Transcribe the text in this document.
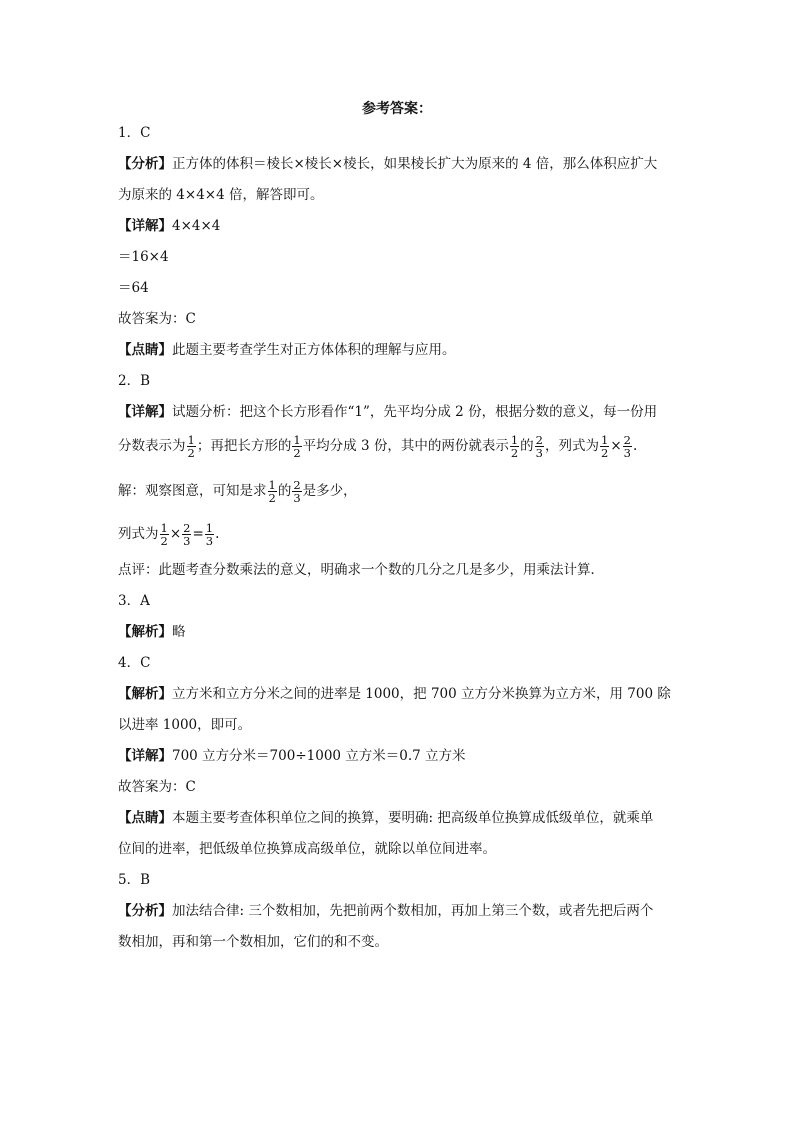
参考答案：
1．C
【分析】正方体的体积＝棱长×棱长×棱长，如果棱长扩大为原来的 4 倍，那么体积应扩大
为原来的 4×4×4 倍，解答即可。
【详解】4×4×4
＝16×4
＝64
故答案为：C
【点睛】此题主要考查学生对正方体体积的理解与应用。
2．B
【详解】试题分析：把这个长方形看作“1”，先平均分成 2 份，根据分数的意义，每一份用
分数表示为 $\frac{1}{2}$ ；再把长方形的 $\frac{1}{2}$ 平均分成 3 份，其中的两份就表示 $\frac{1}{2}$ 的 $\frac{2}{3}$ ，列式为 $\frac{1}{2} \times \frac{2}{3}$ .
解：观察图意，可知是求 $\frac{1}{2}$ 的 $\frac{2}{3}$ 是多少，
列式为 $\frac{1}{2} \times \frac{2}{3} = \frac{1}{3}$ .
点评：此题考查分数乘法的意义，明确求一个数的几分之几是多少，用乘法计算．
3．A
【解析】略
4．C
【解析】立方米和立方分米之间的进率是 1000，把 700 立方分米换算为立方米，用 700 除
以进率 1000，即可。
【详解】700 立方分米＝700÷1000 立方米＝0.7 立方米
故答案为：C
【点睛】本题主要考查体积单位之间的换算，要明确: 把高级单位换算成低级单位，就乘单
位间的进率，把低级单位换算成高级单位，就除以单位间进率。
5．B
【分析】加法结合律: 三个数相加，先把前两个数相加，再加上第三个数，或者先把后两个
数相加，再和第一个数相加，它们的和不变。
